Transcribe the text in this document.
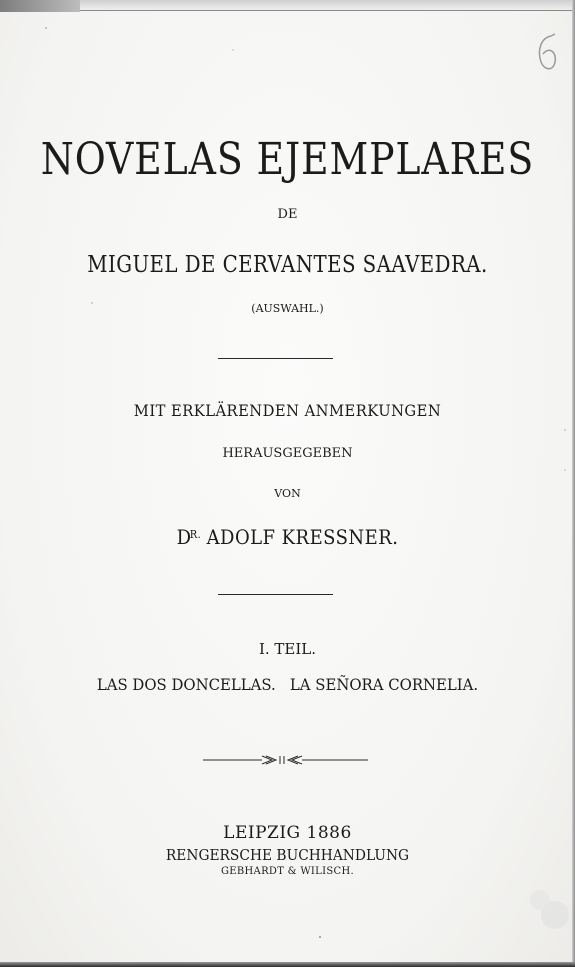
NOVELAS EJEMPLARES
DE
MIGUEL DE CERVANTES SAAVEDRA.
(AUSWAHL.)
MIT ERKLÄRENDEN ANMERKUNGEN
HERAUSGEGEBEN
VON
$D^{R.}$ ADOLF KRESSNER.
I. TEIL.
LAS DOS DONCELLAS.   LA SEÑORA CORNELIA.
LEIPZIG 1886
RENGERSCHE BUCHHANDLUNG
GEBHARDT & WILISCH.
